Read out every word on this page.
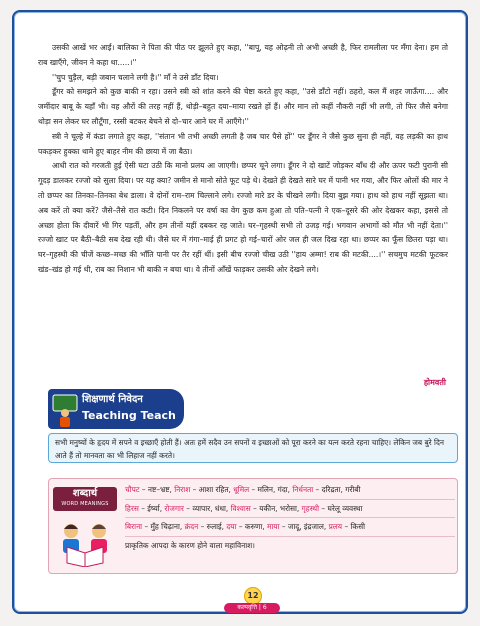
उसकी आखें भर आईं। बालिका ने पिता की पीठ पर झूलते हुए कहा, ''बापू, यह ओढ़नी तो अभी अच्छी है, फिर रामलीला पर मँगा देना। हम तो राब खाएँगे, जीवन ने कहा था.....।''

''चुप चुड़ैल, बड़ी जबान चलाने लगी है।'' माँ ने उसे डाँट दिया।

डूँगर को समझने को कुछ बाकी न रहा। उसने स्त्री को शांत करने की चेष्टा करते हुए कहा, ''उसे डाँटो नहीं। ठहरो, कल मैं शहर जाऊँगा.... और जमींदार बाबू के यहाँ भी। वह औरों की तरह नहीं हैं, थोड़ी–बहुत दया–माया रखते हों हैं। और मान लो कहीं नौकरी नहीं भी लगी, तो फिर जैसे बनेगा थोड़ा सन लेकर घर लौटूँगा, रस्सी बटकर बेचने से दो–चार आने घर में आएँगे।''

स्त्री ने चूल्हे में कंडा लगाते हुए कहा, ''संतान भी तभी अच्छी लगती है जब चार पैसे हों'' पर डूँगर ने जैसे कुछ सुना ही नहीं, वह लड़की का हाथ पकड़कर हुक्का थामे हुए बाहर नीम की छाया में जा बैठा।

आधी रात को गरजती हुई ऐसी घटा उठी कि मानो प्रलय आ जाएगी। छप्पर चूने लगा। डूँगर ने दो खाटें जोड़कर बाँध दी और ऊपर फटी पुरानी सी गूदड़ डालकर रज्जो को सुला दिया। पर यह क्या? जमीन से मानो सोते फूट पड़े थे। देखते ही देखते सारे घर में पानी भर गया, और फिर ओलों की मार ने तो छप्पर का तिनका–तिनका बेध डाला। वे दोनों राम–राम चिल्लाने लगे। रज्जो मारे डर के चीखने लगी। दिया बुझ गया। हाथ को हाथ नहीं सूझता था। अब करें तो क्या करें? जैसे–तैसे रात कटी। दिन निकलने पर वर्षा का वेग कुछ कम हुआ तो पति–पत्नी ने एक–दूसरे की ओर देखकर कहा, इससे तो अच्छा होता कि दीवारें भी गिर पड़तीं, और हम तीनों यहीं दबकर रह जाते। घर–गृहस्थी सभी तो उजड़ गई। भगवान अभागों को मौत भी नहीं देता।'' रज्जो खाट पर बैठी–बैठी सब देख रही थी। जैसे घर में गंगा–माई ही प्रगट हो गई–चारों ओर जल ही जल दिख रहा था। छप्पर का फूँस छितरा पड़ा था। घर–गृहस्थी की चीजें कच्छ–मच्छ की भाँति पानी पर तैर रहीं थीं। इसी बीच रज्जो चीख उठी ''हाय अम्मा! राब की मटकी....।'' सचमुच मटकी फूटकर खंड–खंड हो गई थी, राब का निशान भी बाकी न बचा था। वे तीनों आँखें फाड़कर उसकी ओर देखने लगे।

होमवती
शिक्षणार्थ निवेदन
Teaching Teach
सभी मनुष्यों के हृदय में सपने व इच्छाएँ होती हैं। अतः हमें सदैव उन सपनों व इच्छाओं को पूरा करने का यत्न करते रहना चाहिए। लेकिन जब बुरे दिन आते हैं तो मानवता का भी लिहाज नहीं करते।
शब्दार्थ
WORD MEANINGS
चौपट – नष्ट–भ्रष्ट, निराश – आशा रहित, धूमिल – मलिन, गंदा, निर्धनता – दरिद्रता, गरीबी
हिरस – ईर्ष्या, रोजगार – व्यापार, धंधा, विश्वास – यकीन, भरोसा, गृहस्थी – घरेलू व्यवस्था
बिराना – मुँह चिढ़ाना, क्रंदन – रुलाई, दया – करुणा, माया – जादू, इंद्रजाल, प्रलय – किसी
प्राकृतिक आपदा के कारण होने वाला महाविनाश।
12
कल्पवृत्ति | 6
